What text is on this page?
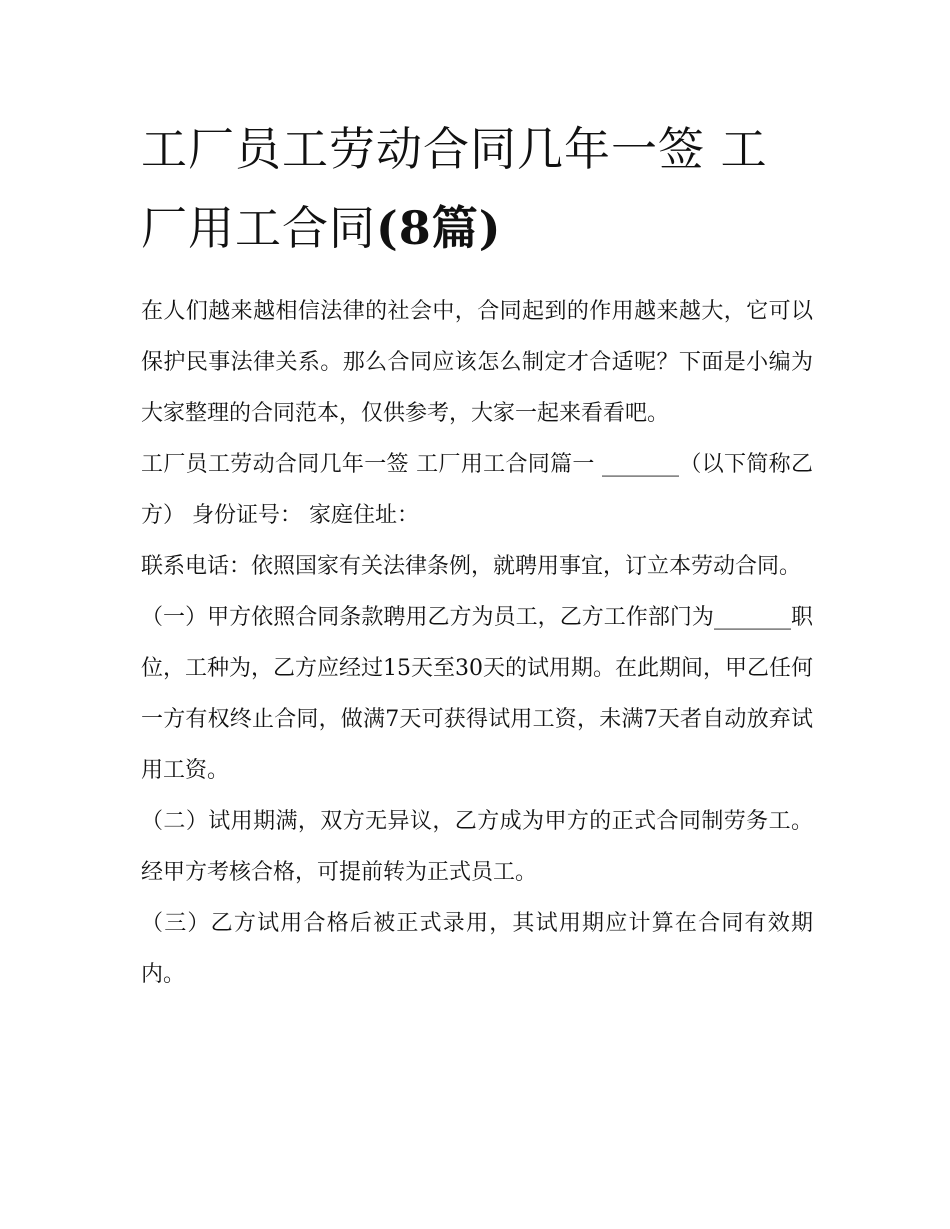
工厂员工劳动合同几年一签 工厂用工合同(8篇)

在人们越来越相信法律的社会中，合同起到的作用越来越大，它可以保护民事法律关系。那么合同应该怎么制定才合适呢？下面是小编为大家整理的合同范本，仅供参考，大家一起来看看吧。

工厂员工劳动合同几年一签 工厂用工合同篇一 _______（以下简称乙方） 身份证号： 家庭住址：

联系电话：依照国家有关法律条例，就聘用事宜，订立本劳动合同。

（一）甲方依照合同条款聘用乙方为员工，乙方工作部门为_______职位，工种为，乙方应经过15天至30天的试用期。在此期间，甲乙任何一方有权终止合同，做满7天可获得试用工资，未满7天者自动放弃试用工资。

（二）试用期满，双方无异议，乙方成为甲方的正式合同制劳务工。经甲方考核合格，可提前转为正式员工。

（三）乙方试用合格后被正式录用，其试用期应计算在合同有效期内。
